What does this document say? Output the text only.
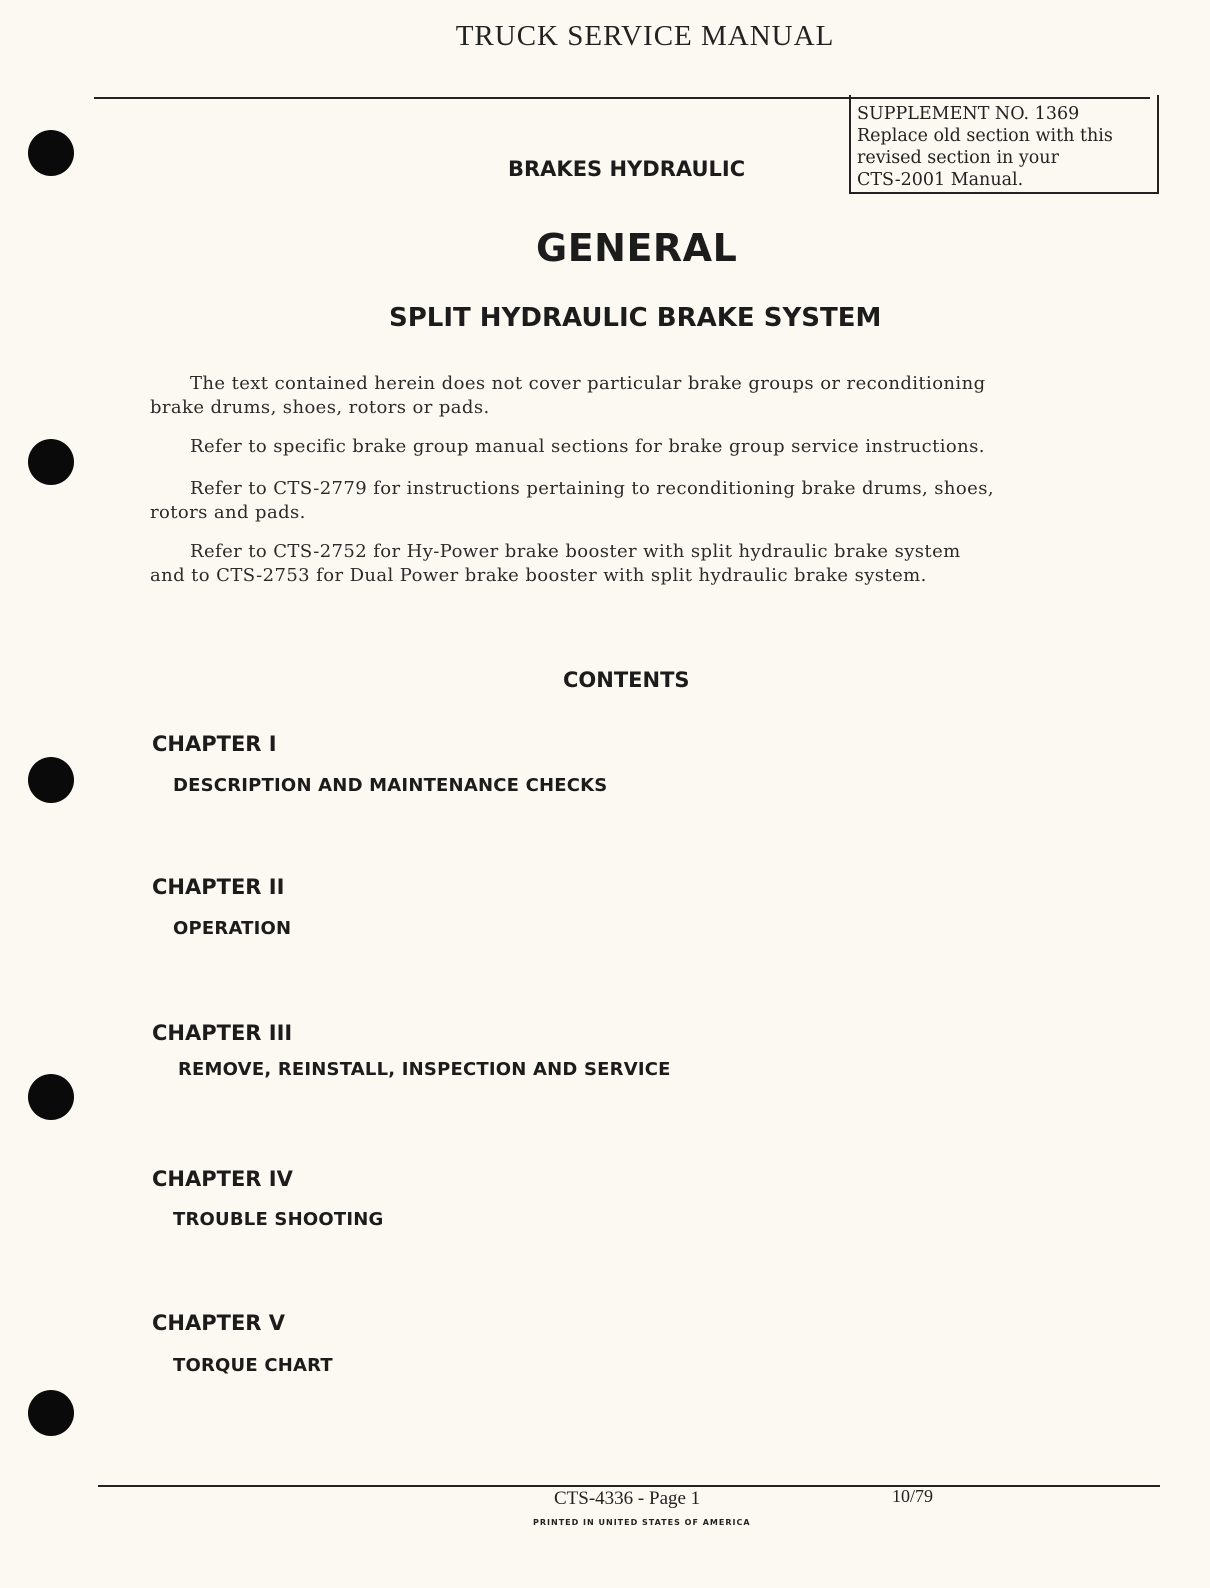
TRUCK SERVICE MANUAL
SUPPLEMENT NO. 1369
Replace old section with this
revised section in your
CTS-2001 Manual.
BRAKES HYDRAULIC
GENERAL
SPLIT HYDRAULIC BRAKE SYSTEM
The text contained herein does not cover particular brake groups or reconditioning
brake drums, shoes, rotors or pads.
Refer to specific brake group manual sections for brake group service instructions.
Refer to CTS-2779 for instructions pertaining to reconditioning brake drums, shoes,
rotors and pads.
Refer to CTS-2752 for Hy-Power brake booster with split hydraulic brake system
and to CTS-2753 for Dual Power brake booster with split hydraulic brake system.
CONTENTS
CHAPTER I
DESCRIPTION AND MAINTENANCE CHECKS
CHAPTER II
OPERATION
CHAPTER III
REMOVE, REINSTALL, INSPECTION AND SERVICE
CHAPTER IV
TROUBLE SHOOTING
CHAPTER V
TORQUE CHART
CTS-4336 - Page 1	10/79
PRINTED IN UNITED STATES OF AMERICA
